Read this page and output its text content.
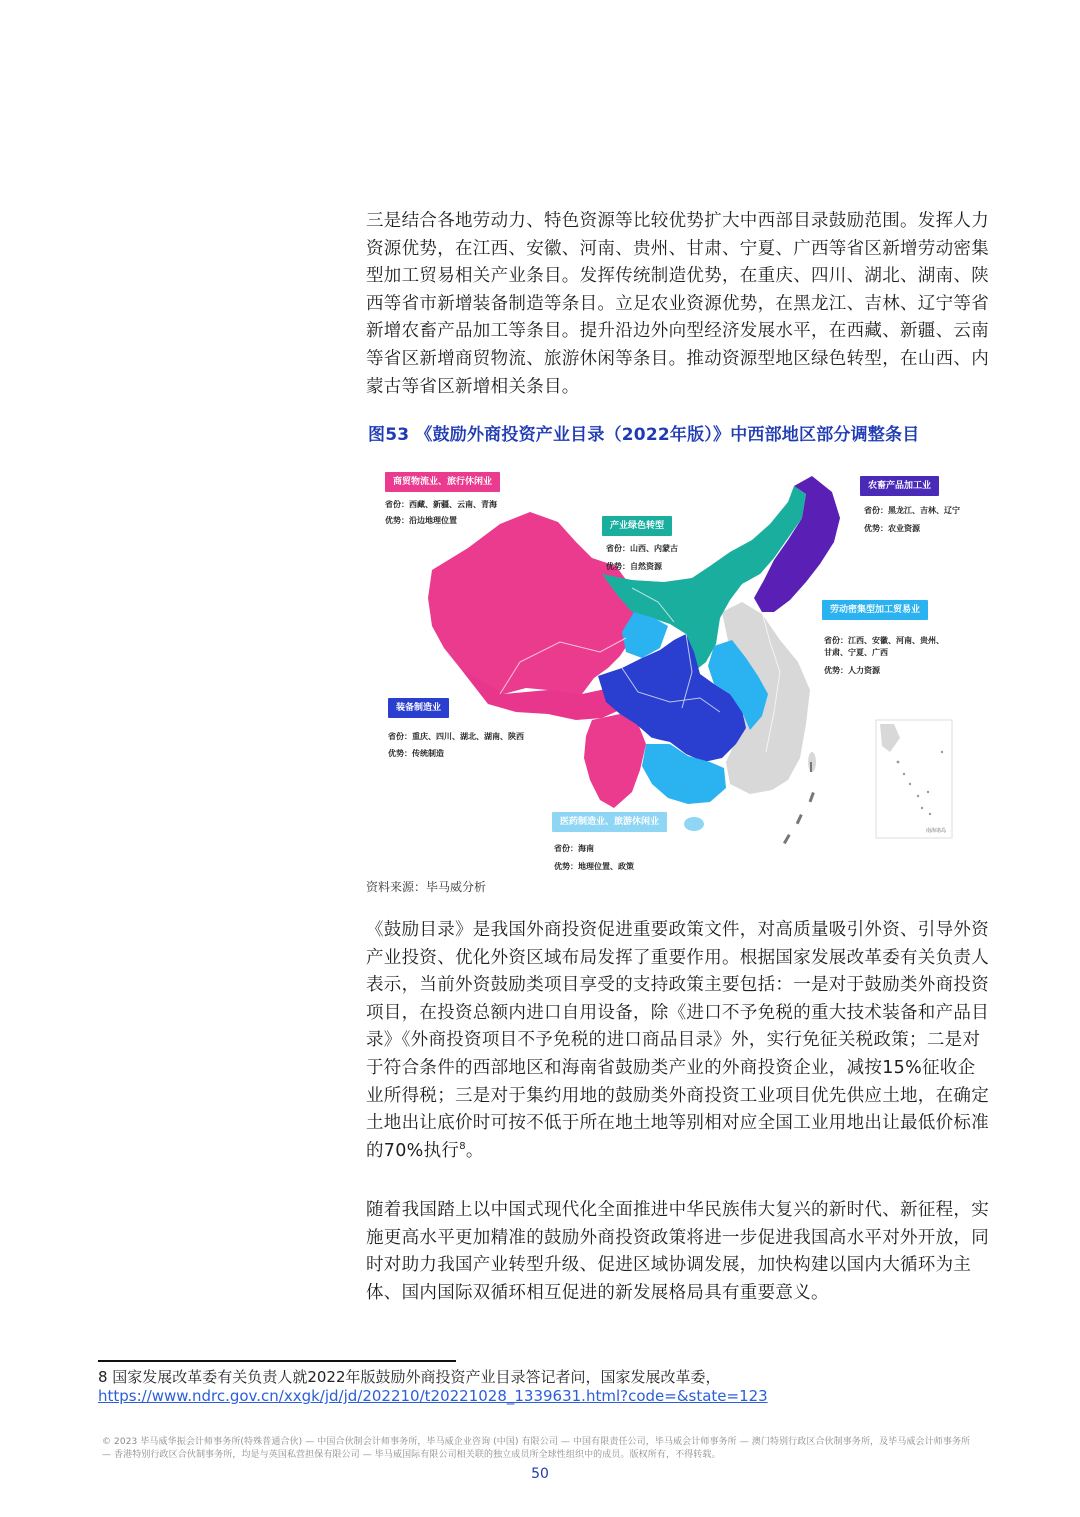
三是结合各地劳动力、特色资源等比较优势扩大中西部目录鼓励范围。发挥人力资源优势，在江西、安徽、河南、贵州、甘肃、宁夏、广西等省区新增劳动密集型加工贸易相关产业条目。发挥传统制造优势，在重庆、四川、湖北、湖南、陕西等省市新增装备制造等条目。立足农业资源优势，在黑龙江、吉林、辽宁等省新增农畜产品加工等条目。提升沿边外向型经济发展水平，在西藏、新疆、云南等省区新增商贸物流、旅游休闲等条目。推动资源型地区绿色转型，在山西、内蒙古等省区新增相关条目。

图53 《鼓励外商投资产业目录（2022年版）》中西部地区部分调整条目
南海诸岛
商贸物流业、旅行休闲业
省份：西藏、新疆、云南、青海
优势：沿边地理位置
产业绿色转型
省份：山西、内蒙古
优势：自然资源
农畜产品加工业
省份：黑龙江、吉林、辽宁
优势：农业资源
劳动密集型加工贸易业
省份：江西、安徽、河南、贵州、
甘肃、宁夏、广西
优势：人力资源
装备制造业
省份：重庆、四川、湖北、湖南、陕西
优势：传统制造
医药制造业、旅游休闲业
省份：海南
优势：地理位置、政策
资料来源：毕马威分析

《鼓励目录》是我国外商投资促进重要政策文件，对高质量吸引外资、引导外资产业投资、优化外资区域布局发挥了重要作用。根据国家发展改革委有关负责人表示，当前外资鼓励类项目享受的支持政策主要包括：一是对于鼓励类外商投资项目，在投资总额内进口自用设备，除《进口不予免税的重大技术装备和产品目录》《外商投资项目不予免税的进口商品目录》外，实行免征关税政策；二是对于符合条件的西部地区和海南省鼓励类产业的外商投资企业，减按15%征收企业所得税；三是对于集约用地的鼓励类外商投资工业项目优先供应土地，在确定土地出让底价时可按不低于所在地土地等别相对应全国工业用地出让最低价标准的70%执行$^8$。

随着我国踏上以中国式现代化全面推进中华民族伟大复兴的新时代、新征程，实施更高水平更加精准的鼓励外商投资政策将进一步促进我国高水平对外开放，同时对助力我国产业转型升级、促进区域协调发展，加快构建以国内大循环为主体、国内国际双循环相互促进的新发展格局具有重要意义。

8 国家发展改革委有关负责人就2022年版鼓励外商投资产业目录答记者问，国家发展改革委，
https://www.ndrc.gov.cn/xxgk/jd/jd/202210/t20221028_1339631.html?code=&state=123
© 2023 毕马威华振会计师事务所(特殊普通合伙) — 中国合伙制会计师事务所，毕马威企业咨询 (中国) 有限公司 — 中国有限责任公司，毕马威会计师事务所 — 澳门特别行政区合伙制事务所，及毕马威会计师事务所 — 香港特别行政区合伙制事务所，均是与英国私营担保有限公司 — 毕马威国际有限公司相关联的独立成员所全球性组织中的成员。版权所有，不得转载。
50
